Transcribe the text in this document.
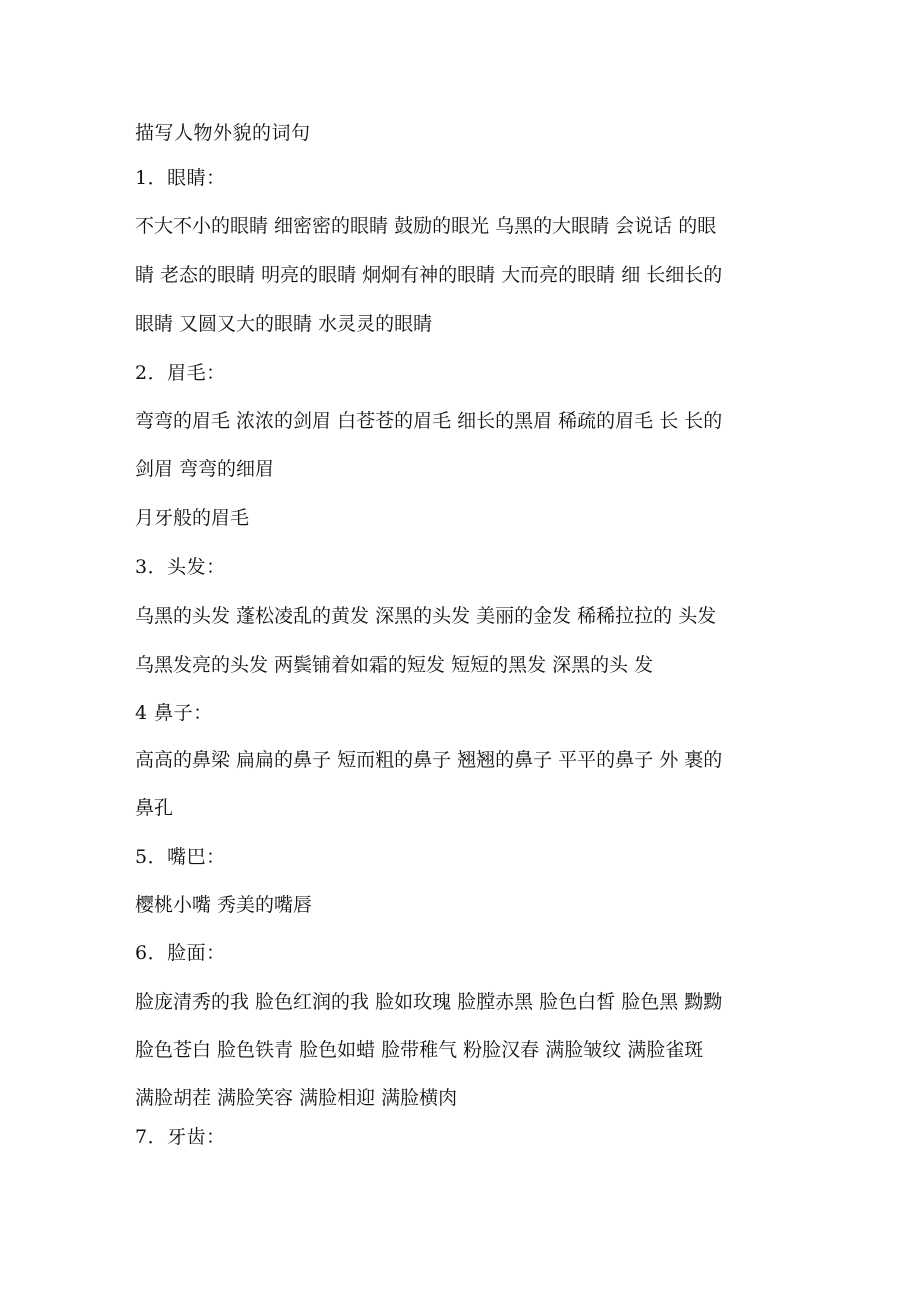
描写人物外貌的词句
1．眼睛：
不大不小的眼睛 细密密的眼睛 鼓励的眼光 乌黑的大眼睛 会说话 的眼
睛 老态的眼睛 明亮的眼睛 炯炯有神的眼睛 大而亮的眼睛 细 长细长的
眼睛 又圆又大的眼睛 水灵灵的眼睛
2．眉毛：
弯弯的眉毛 浓浓的剑眉 白苍苍的眉毛 细长的黑眉 稀疏的眉毛 长 长的
剑眉 弯弯的细眉
月牙般的眉毛
3．头发：
乌黑的头发 蓬松凌乱的黄发 深黑的头发 美丽的金发 稀稀拉拉的 头发
乌黑发亮的头发 两鬓铺着如霜的短发 短短的黑发 深黑的头 发
4 鼻子：
高高的鼻梁 扁扁的鼻子 短而粗的鼻子 翘翘的鼻子 平平的鼻子 外 裹的
鼻孔
5．嘴巴：
樱桃小嘴 秀美的嘴唇
6．脸面：
脸庞清秀的我 脸色红润的我 脸如玫瑰 脸膛赤黑 脸色白皙 脸色黑 黝黝
脸色苍白 脸色铁青 脸色如蜡 脸带稚气 粉脸汉春 满脸皱纹 满脸雀斑
满脸胡茬 满脸笑容 满脸相迎 满脸横肉
7．牙齿：
